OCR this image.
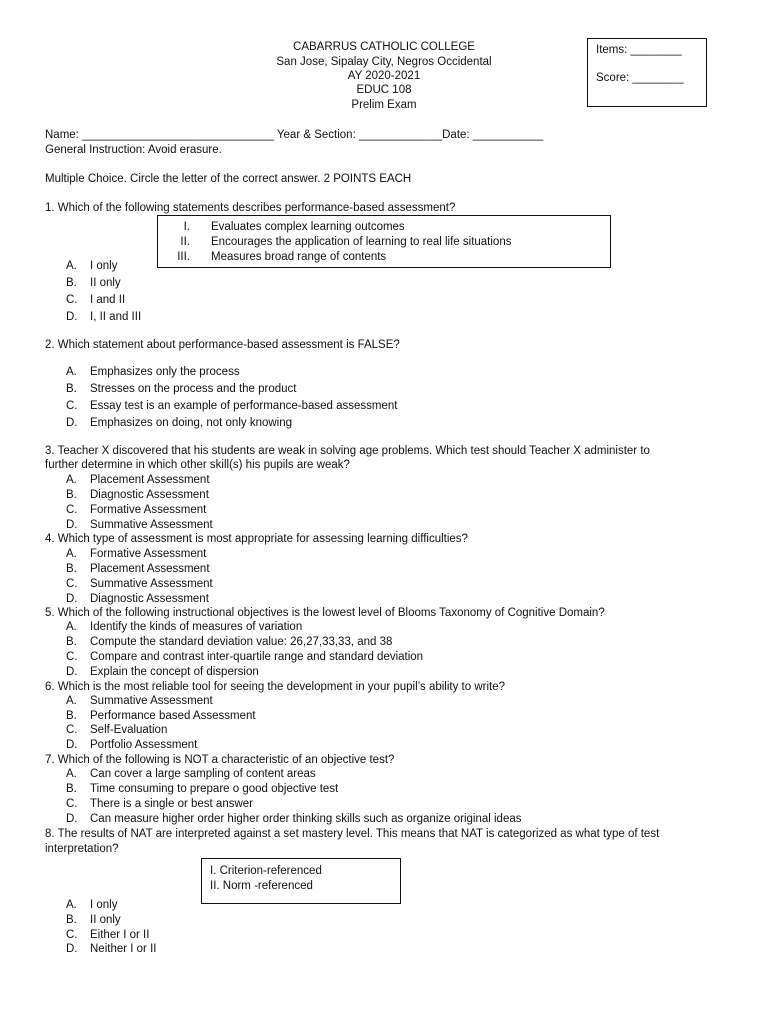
CABARRUS CATHOLIC COLLEGE
San Jose, Sipalay City, Negros Occidental
AY 2020-2021
EDUC 108
Prelim Exam
Items: ________
Score: ________
Name: ______________________________ Year & Section: _____________Date: ___________
General Instruction: Avoid erasure.
Multiple Choice. Circle the letter of the correct answer. 2 POINTS EACH
1. Which of the following statements describes performance-based assessment?
I. Evaluates complex learning outcomes
II. Encourages the application of learning to real life situations
III. Measures broad range of contents
A. I only
B. II only
C. I and II
D. I, II and III
2. Which statement about performance-based assessment is FALSE?
A. Emphasizes only the process
B. Stresses on the process and the product
C. Essay test is an example of performance-based assessment
D. Emphasizes on doing, not only knowing
3. Teacher X discovered that his students are weak in solving age problems. Which test should Teacher X administer to
further determine in which other skill(s) his pupils are weak?
A. Placement Assessment
B. Diagnostic Assessment
C. Formative Assessment
D. Summative Assessment
4. Which type of assessment is most appropriate for assessing learning difficulties?
A. Formative Assessment
B. Placement Assessment
C. Summative Assessment
D. Diagnostic Assessment
5. Which of the following instructional objectives is the lowest level of Blooms Taxonomy of Cognitive Domain?
A. Identify the kinds of measures of variation
B. Compute the standard deviation value: 26,27,33,33, and 38
C. Compare and contrast inter-quartile range and standard deviation
D. Explain the concept of dispersion
6. Which is the most reliable tool for seeing the development in your pupil’s ability to write?
A. Summative Assessment
B. Performance based Assessment
C. Self-Evaluation
D. Portfolio Assessment
7. Which of the following is NOT a characteristic of an objective test?
A. Can cover a large sampling of content areas
B. Time consuming to prepare o good objective test
C. There is a single or best answer
D. Can measure higher order higher order thinking skills such as organize original ideas
8. The results of NAT are interpreted against a set mastery level. This means that NAT is categorized as what type of test
interpretation?
I. Criterion-referenced
II. Norm -referenced
A. I only
B. II only
C. Either I or II
D. Neither I or II
